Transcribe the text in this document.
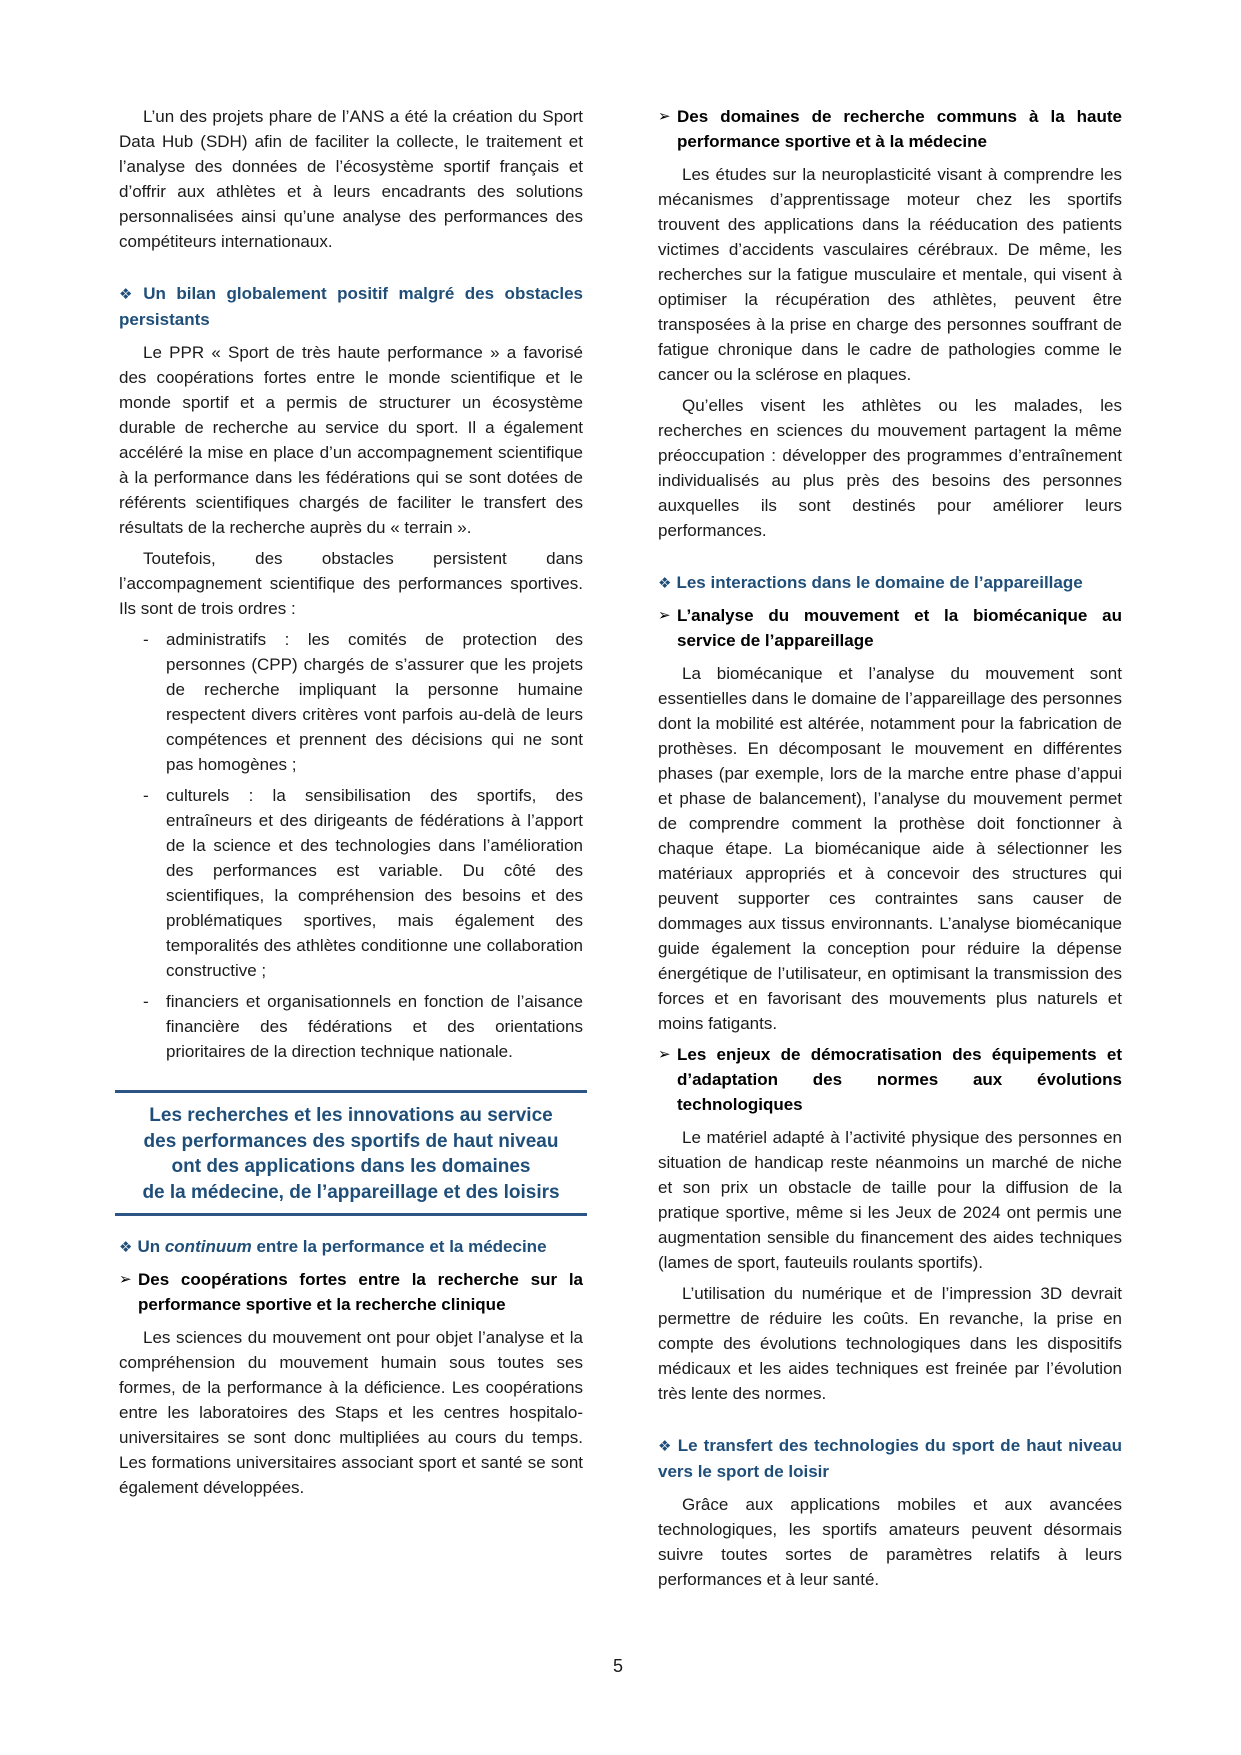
L’un des projets phare de l’ANS a été la création du Sport Data Hub (SDH) afin de faciliter la collecte, le traitement et l’analyse des données de l’écosystème sportif français et d’offrir aux athlètes et à leurs encadrants des solutions personnalisées ainsi qu’une analyse des performances des compétiteurs internationaux.

❖ Un bilan globalement positif malgré des obstacles persistants

Le PPR « Sport de très haute performance » a favorisé des coopérations fortes entre le monde scientifique et le monde sportif et a permis de structurer un écosystème durable de recherche au service du sport. Il a également accéléré la mise en place d’un accompagnement scientifique à la performance dans les fédérations qui se sont dotées de référents scientifiques chargés de faciliter le transfert des résultats de la recherche auprès du « terrain ».

Toutefois, des obstacles persistent dans l’accompagnement scientifique des performances sportives. Ils sont de trois ordres :

- administratifs : les comités de protection des personnes (CPP) chargés de s’assurer que les projets de recherche impliquant la personne humaine respectent divers critères vont parfois au-delà de leurs compétences et prennent des décisions qui ne sont pas homogènes ;
- culturels : la sensibilisation des sportifs, des entraîneurs et des dirigeants de fédérations à l’apport de la science et des technologies dans l’amélioration des performances est variable. Du côté des scientifiques, la compréhension des besoins et des problématiques sportives, mais également des temporalités des athlètes conditionne une collaboration constructive ;
- financiers et organisationnels en fonction de l’aisance financière des fédérations et des orientations prioritaires de la direction technique nationale.
Les recherches et les innovations au service
des performances des sportifs de haut niveau
ont des applications dans les domaines
de la médecine, de l’appareillage et des loisirs
❖ Un continuum entre la performance et la médecine
➢ Des coopérations fortes entre la recherche sur la performance sportive et la recherche clinique

Les sciences du mouvement ont pour objet l’analyse et la compréhension du mouvement humain sous toutes ses formes, de la performance à la déficience. Les coopérations entre les laboratoires des Staps et les centres hospitalo-universitaires se sont donc multipliées au cours du temps. Les formations universitaires associant sport et santé se sont également développées.

➢ Des domaines de recherche communs à la haute performance sportive et à la médecine

Les études sur la neuroplasticité visant à comprendre les mécanismes d’apprentissage moteur chez les sportifs trouvent des applications dans la rééducation des patients victimes d’accidents vasculaires cérébraux. De même, les recherches sur la fatigue musculaire et mentale, qui visent à optimiser la récupération des athlètes, peuvent être transposées à la prise en charge des personnes souffrant de fatigue chronique dans le cadre de pathologies comme le cancer ou la sclérose en plaques.

Qu’elles visent les athlètes ou les malades, les recherches en sciences du mouvement partagent la même préoccupation : développer des programmes d’entraînement individualisés au plus près des besoins des personnes auxquelles ils sont destinés pour améliorer leurs performances.

❖ Les interactions dans le domaine de l’appareillage
➢ L’analyse du mouvement et la biomécanique au service de l’appareillage

La biomécanique et l’analyse du mouvement sont essentielles dans le domaine de l’appareillage des personnes dont la mobilité est altérée, notamment pour la fabrication de prothèses. En décomposant le mouvement en différentes phases (par exemple, lors de la marche entre phase d’appui et phase de balancement), l’analyse du mouvement permet de comprendre comment la prothèse doit fonctionner à chaque étape. La biomécanique aide à sélectionner les matériaux appropriés et à concevoir des structures qui peuvent supporter ces contraintes sans causer de dommages aux tissus environnants. L’analyse biomécanique guide également la conception pour réduire la dépense énergétique de l’utilisateur, en optimisant la transmission des forces et en favorisant des mouvements plus naturels et moins fatigants.

➢ Les enjeux de démocratisation des équipements et d’adaptation des normes aux évolutions technologiques

Le matériel adapté à l’activité physique des personnes en situation de handicap reste néanmoins un marché de niche et son prix un obstacle de taille pour la diffusion de la pratique sportive, même si les Jeux de 2024 ont permis une augmentation sensible du financement des aides techniques (lames de sport, fauteuils roulants sportifs).

L’utilisation du numérique et de l’impression 3D devrait permettre de réduire les coûts. En revanche, la prise en compte des évolutions technologiques dans les dispositifs médicaux et les aides techniques est freinée par l’évolution très lente des normes.

❖ Le transfert des technologies du sport de haut niveau vers le sport de loisir

Grâce aux applications mobiles et aux avancées technologiques, les sportifs amateurs peuvent désormais suivre toutes sortes de paramètres relatifs à leurs performances et à leur santé.

5
